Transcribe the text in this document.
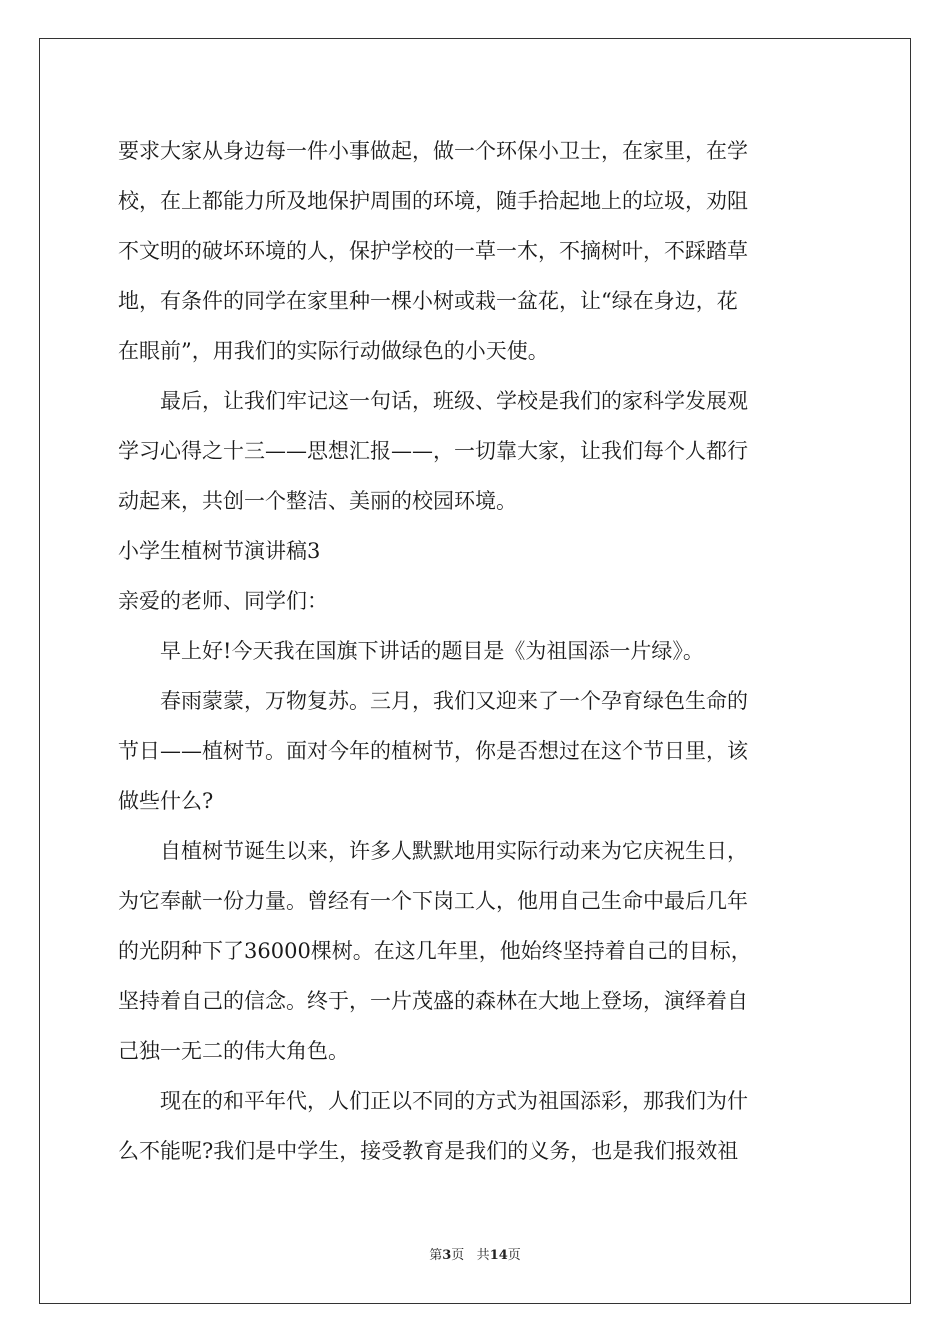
要求大家从身边每一件小事做起，做一个环保小卫士，在家里，在学
校，在上都能力所及地保护周围的环境，随手拾起地上的垃圾，劝阻
不文明的破坏环境的人，保护学校的一草一木，不摘树叶，不踩踏草
地，有条件的同学在家里种一棵小树或栽一盆花，让“绿在身边，花
在眼前”，用我们的实际行动做绿色的小天使。
　　最后，让我们牢记这一句话，班级、学校是我们的家科学发展观
学习心得之十三——思想汇报——，一切靠大家，让我们每个人都行
动起来，共创一个整洁、美丽的校园环境。
小学生植树节演讲稿3
亲爱的老师、同学们：
　　早上好!今天我在国旗下讲话的题目是《为祖国添一片绿》。
　　春雨蒙蒙，万物复苏。三月，我们又迎来了一个孕育绿色生命的
节日——植树节。面对今年的植树节，你是否想过在这个节日里，该
做些什么?
　　自植树节诞生以来，许多人默默地用实际行动来为它庆祝生日，
为它奉献一份力量。曾经有一个下岗工人，他用自己生命中最后几年
的光阴种下了36000棵树。在这几年里，他始终坚持着自己的目标，
坚持着自己的信念。终于，一片茂盛的森林在大地上登场，演绎着自
己独一无二的伟大角色。
　　现在的和平年代，人们正以不同的方式为祖国添彩，那我们为什
么不能呢?我们是中学生，接受教育是我们的义务，也是我们报效祖
第3页 共14页
